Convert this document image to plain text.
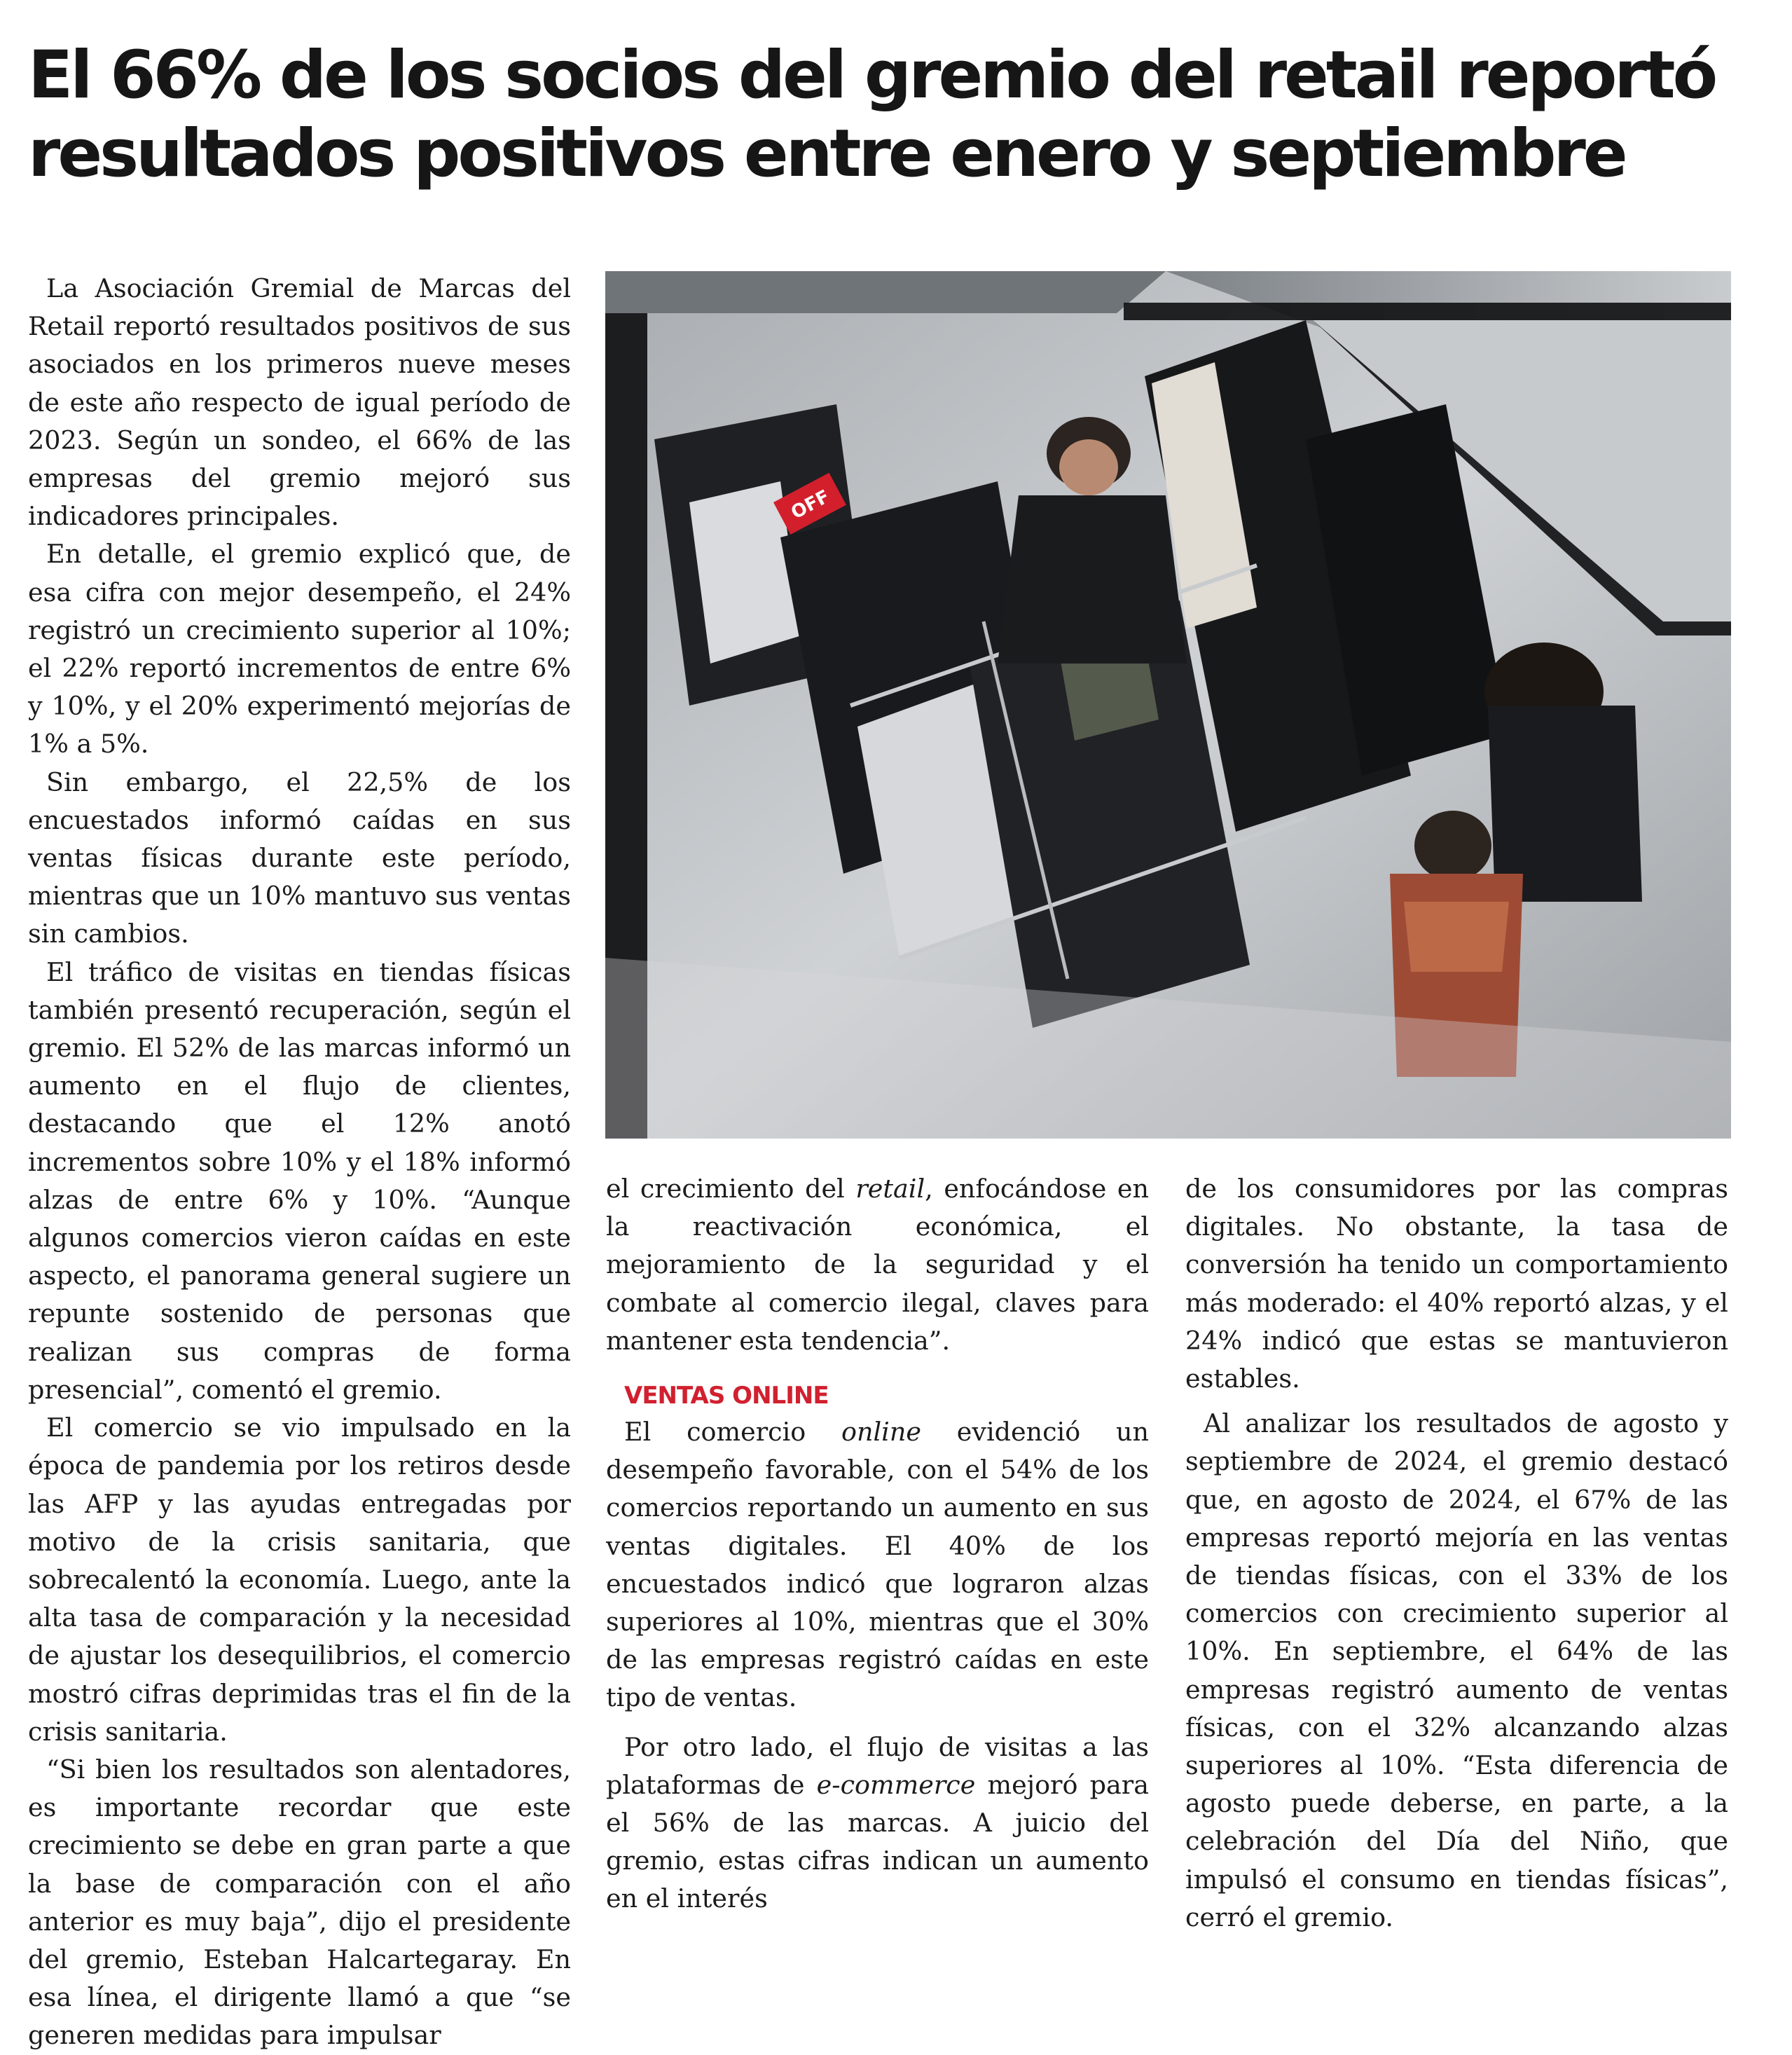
El 66% de los socios del gremio del retail reportó resultados positivos entre enero y septiembre

La Asociación Gremial de Marcas del Retail reportó resultados positivos de sus asociados en los primeros nueve meses de este año respecto de igual período de 2023. Según un sondeo, el 66% de las empresas del gremio mejoró sus indicadores principales.

En detalle, el gremio explicó que, de esa cifra con mejor desempeño, el 24% registró un crecimiento superior al 10%; el 22% reportó incrementos de entre 6% y 10%, y el 20% experimentó mejorías de 1% a 5%.

Sin embargo, el 22,5% de los encuestados informó caídas en sus ventas físicas durante este período, mientras que un 10% mantuvo sus ventas sin cambios.

El tráfico de visitas en tiendas físicas también presentó recuperación, según el gremio. El 52% de las marcas informó un aumento en el flujo de clientes, destacando que el 12% anotó incrementos sobre 10% y el 18% informó alzas de entre 6% y 10%. “Aunque algunos comercios vieron caídas en este aspecto, el panorama general sugiere un repunte sostenido de personas que realizan sus compras de forma presencial”, comentó el gremio.

El comercio se vio impulsado en la época de pandemia por los retiros desde las AFP y las ayudas entregadas por motivo de la crisis sanitaria, que sobrecalentó la economía. Luego, ante la alta tasa de comparación y la necesidad de ajustar los desequilibrios, el comercio mostró cifras deprimidas tras el fin de la crisis sanitaria.

“Si bien los resultados son alentadores, es importante recordar que este crecimiento se debe en gran parte a que la base de comparación con el año anterior es muy baja”, dijo el presidente del gremio, Esteban Halcartegaray. En esa línea, el dirigente llamó a que “se generen medidas para impulsar

OFF

el crecimiento del retail, enfocándose en la reactivación económica, el mejoramiento de la seguridad y el combate al comercio ilegal, claves para mantener esta tendencia”.

VENTAS ONLINE

El comercio online evidenció un desempeño favorable, con el 54% de los comercios reportando un aumento en sus ventas digitales. El 40% de los encuestados indicó que lograron alzas superiores al 10%, mientras que el 30% de las empresas registró caídas en este tipo de ventas.

Por otro lado, el flujo de visitas a las plataformas de e-commerce mejoró para el 56% de las marcas. A juicio del gremio, estas cifras indican un aumento en el interés

de los consumidores por las compras digitales. No obstante, la tasa de conversión ha tenido un comportamiento más moderado: el 40% reportó alzas, y el 24% indicó que estas se mantuvieron estables.

Al analizar los resultados de agosto y septiembre de 2024, el gremio destacó que, en agosto de 2024, el 67% de las empresas reportó mejoría en las ventas de tiendas físicas, con el 33% de los comercios con crecimiento superior al 10%. En septiembre, el 64% de las empresas registró aumento de ventas físicas, con el 32% alcanzando alzas superiores al 10%. “Esta diferencia de agosto puede deberse, en parte, a la celebración del Día del Niño, que impulsó el consumo en tiendas físicas”, cerró el gremio.
